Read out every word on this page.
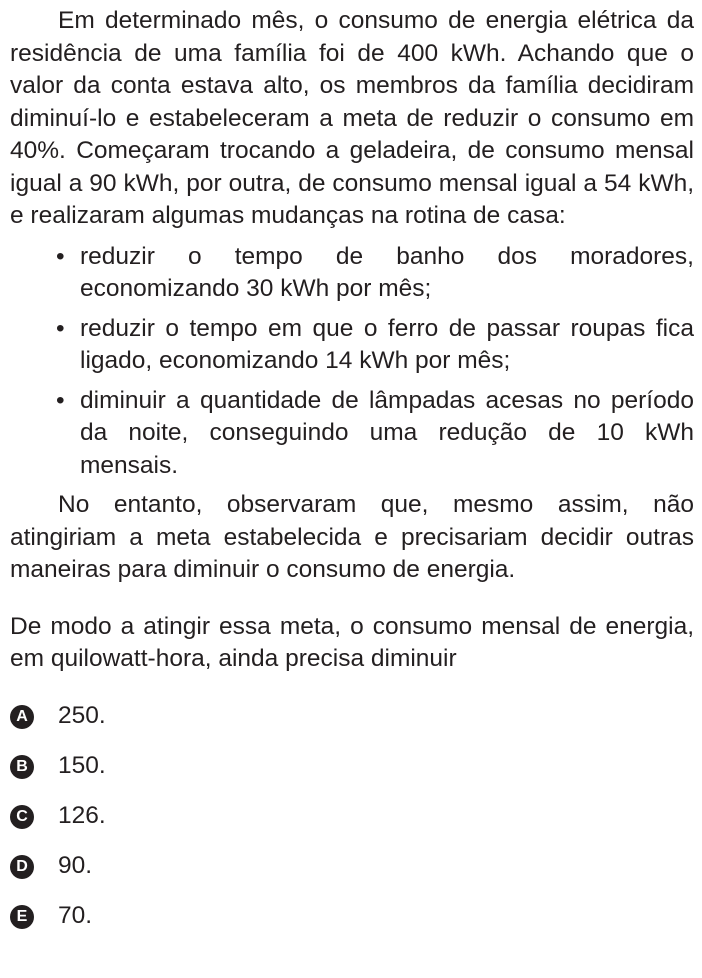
Em determinado mês, o consumo de energia elétrica da residência de uma família foi de 400 kWh. Achando que o valor da conta estava alto, os membros da família decidiram diminuí-lo e estabeleceram a meta de reduzir o consumo em 40%. Começaram trocando a geladeira, de consumo mensal igual a 90 kWh, por outra, de consumo mensal igual a 54 kWh, e realizaram algumas mudanças na rotina de casa:

• reduzir o tempo de banho dos moradores, economizando 30 kWh por mês;
• reduzir o tempo em que o ferro de passar roupas fica ligado, economizando 14 kWh por mês;
• diminuir a quantidade de lâmpadas acesas no período da noite, conseguindo uma redução de 10 kWh mensais.

No entanto, observaram que, mesmo assim, não atingiriam a meta estabelecida e precisariam decidir outras maneiras para diminuir o consumo de energia.

De modo a atingir essa meta, o consumo mensal de energia, em quilowatt-hora, ainda precisa diminuir

A 250.
B 150.
C 126.
D 90.
E 70.
